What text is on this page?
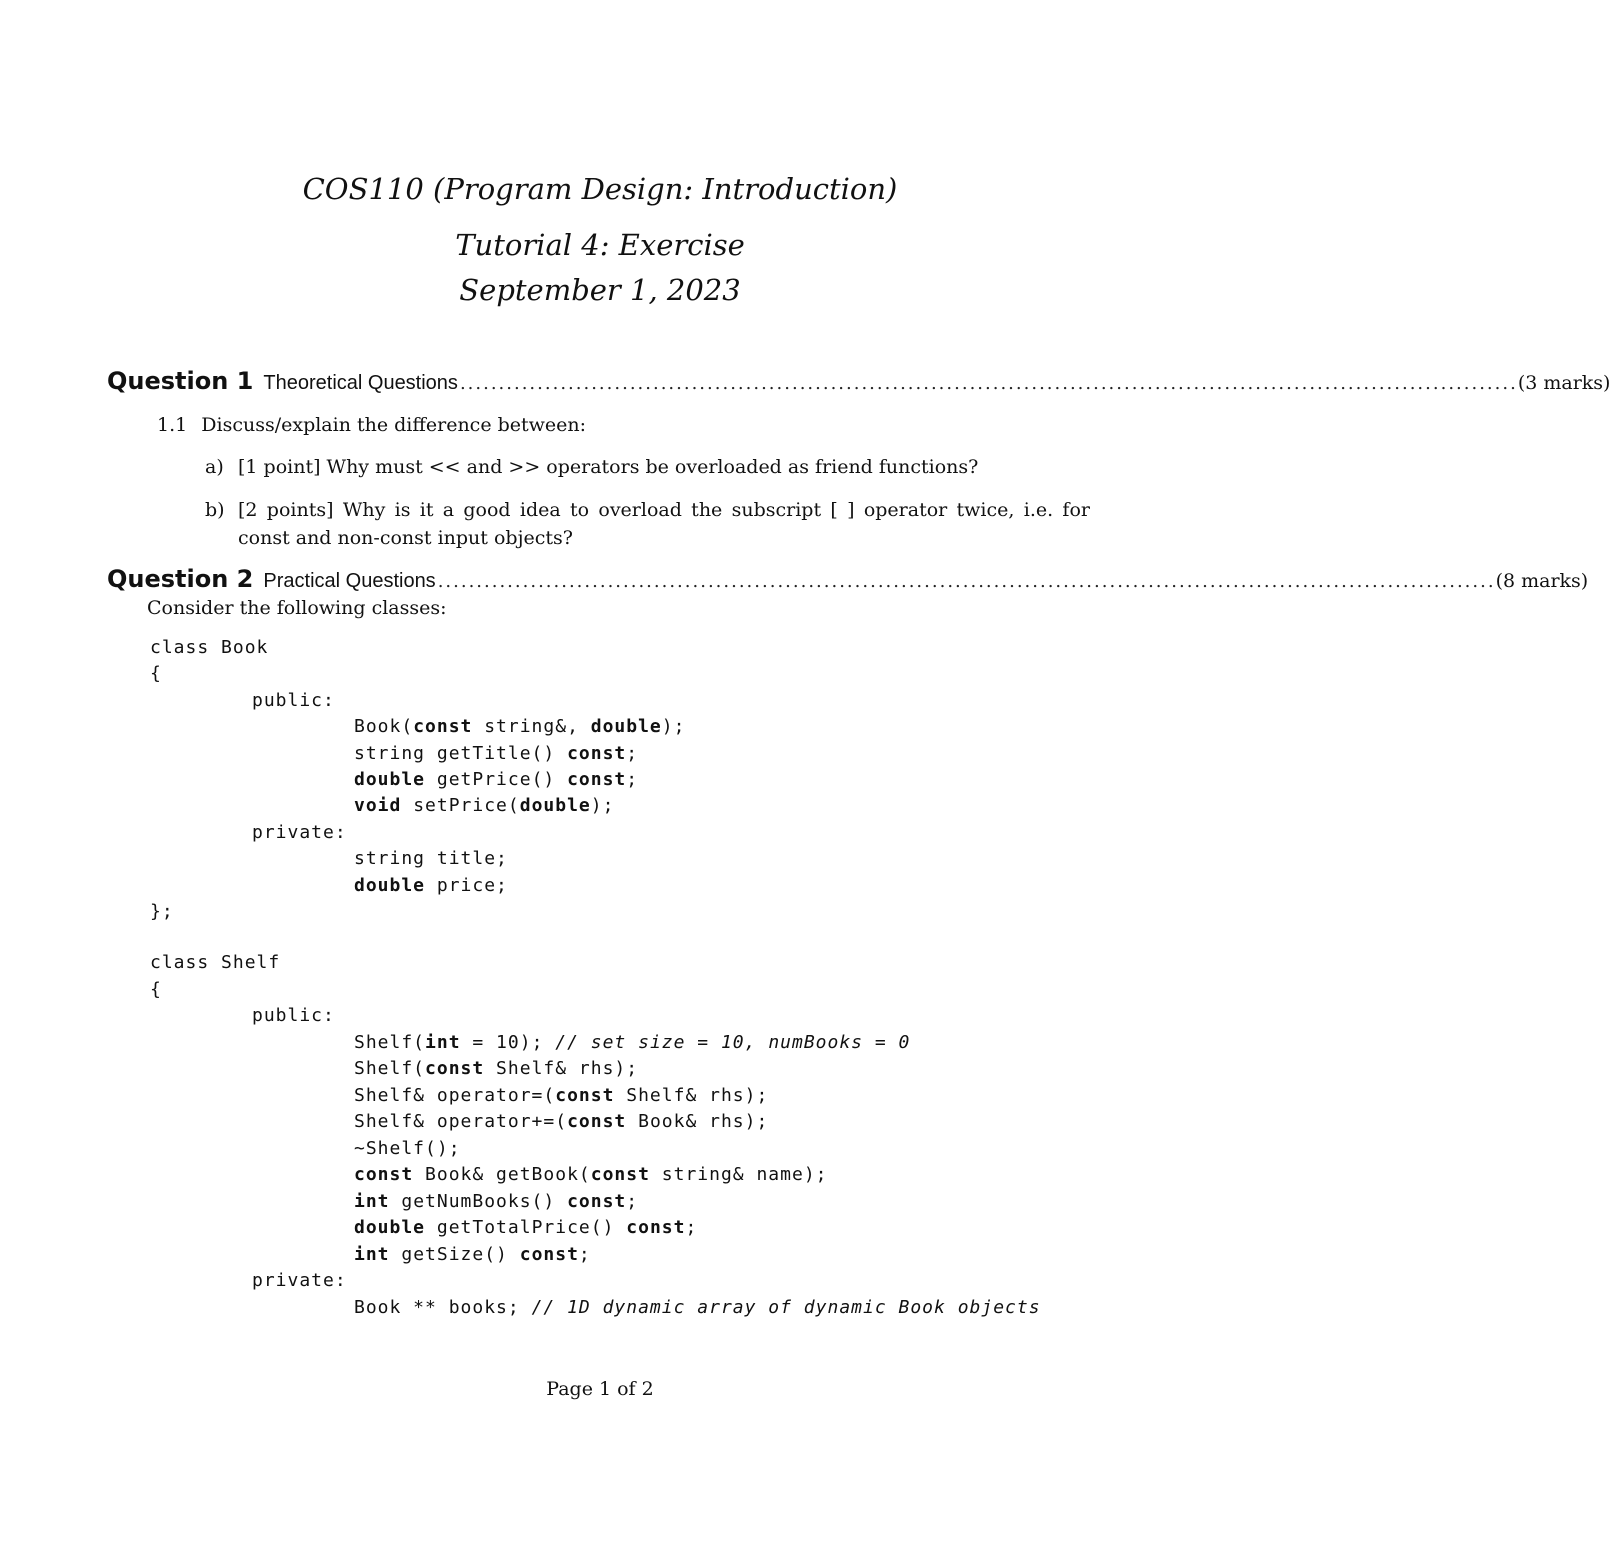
COS110 (Program Design: Introduction)
Tutorial 4: Exercise
September 1, 2023
Question 1 Theoretical Questions ......................................................................................................................................... (3 marks)
1.1 Discuss/explain the difference between:
a) [1 point] Why must << and >> operators be overloaded as friend functions?
b) [2 points] Why is it a good idea to overload the subscript [ ] operator twice, i.e. for
const and non-const input objects?
Question 2 Practical Questions ......................................................................................................................................... (8 marks)
Consider the following classes:
class Book
{
public:
Book(const string&, double);
string getTitle() const;
double getPrice() const;
void setPrice(double);
private:
string title;
double price;
};
class Shelf
{
public:
Shelf(int = 10); // set size = 10, numBooks = 0
Shelf(const Shelf& rhs);
Shelf& operator=(const Shelf& rhs);
Shelf& operator+=(const Book& rhs);
~Shelf();
const Book& getBook(const string& name);
int getNumBooks() const;
double getTotalPrice() const;
int getSize() const;
private:
Book ** books; // 1D dynamic array of dynamic Book objects
Page 1 of 2
